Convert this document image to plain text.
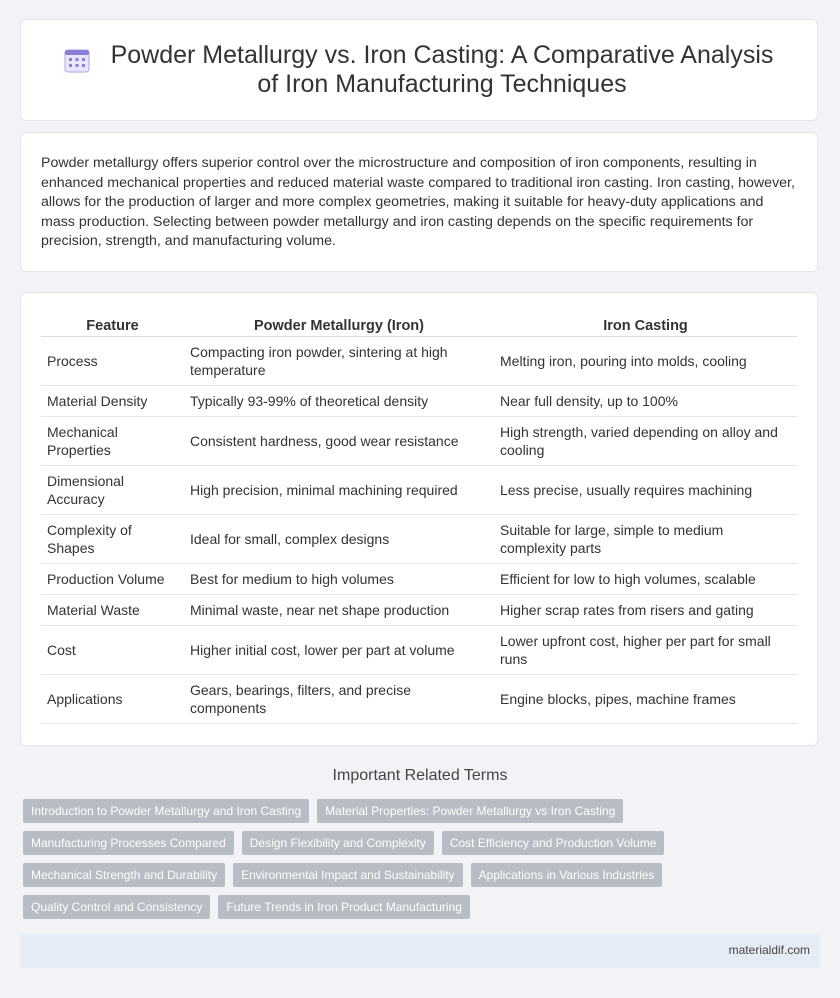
Powder Metallurgy vs. Iron Casting: A Comparative Analysis of Iron Manufacturing Techniques

Powder metallurgy offers superior control over the microstructure and composition of iron components, resulting in enhanced mechanical properties and reduced material waste compared to traditional iron casting. Iron casting, however, allows for the production of larger and more complex geometries, making it suitable for heavy-duty applications and mass production. Selecting between powder metallurgy and iron casting depends on the specific requirements for precision, strength, and manufacturing volume.

Feature	Powder Metallurgy (Iron)	Iron Casting
Process	Compacting iron powder, sintering at high temperature	Melting iron, pouring into molds, cooling
Material Density	Typically 93-99% of theoretical density	Near full density, up to 100%
Mechanical Properties	Consistent hardness, good wear resistance	High strength, varied depending on alloy and cooling
Dimensional Accuracy	High precision, minimal machining required	Less precise, usually requires machining
Complexity of Shapes	Ideal for small, complex designs	Suitable for large, simple to medium complexity parts
Production Volume	Best for medium to high volumes	Efficient for low to high volumes, scalable
Material Waste	Minimal waste, near net shape production	Higher scrap rates from risers and gating
Cost	Higher initial cost, lower per part at volume	Lower upfront cost, higher per part for small runs
Applications	Gears, bearings, filters, and precise components	Engine blocks, pipes, machine frames
Important Related Terms
Introduction to Powder Metallurgy and Iron Casting	Material Properties: Powder Metallurgy vs Iron Casting
Manufacturing Processes Compared	Design Flexibility and Complexity	Cost Efficiency and Production Volume
Mechanical Strength and Durability	Environmental Impact and Sustainability	Applications in Various Industries
Quality Control and Consistency	Future Trends in Iron Product Manufacturing
materialdif.com
